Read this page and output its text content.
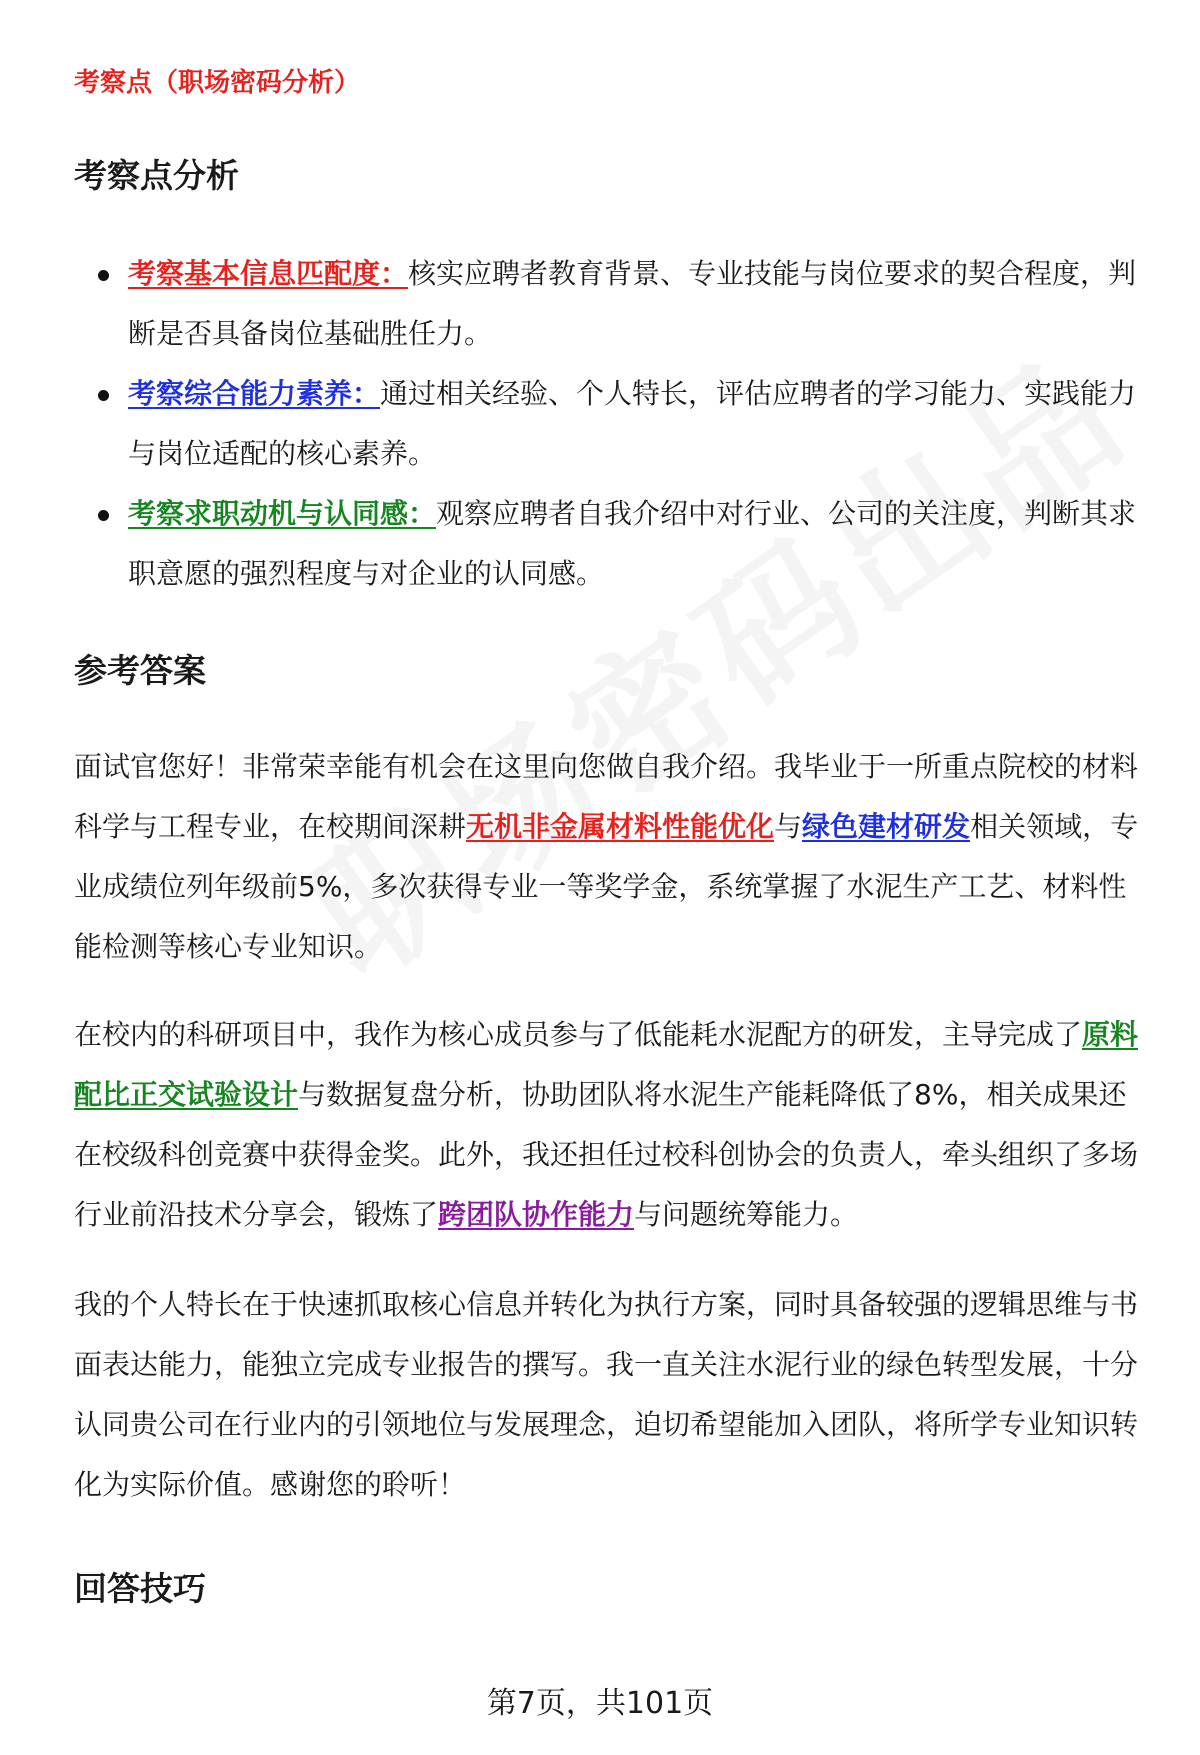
考察点（职场密码分析）
考察点分析
考察基本信息匹配度：核实应聘者教育背景、专业技能与岗位要求的契合程度，判断是否具备岗位基础胜任力。
考察综合能力素养：通过相关经验、个人特长，评估应聘者的学习能力、实践能力与岗位适配的核心素养。
考察求职动机与认同感：观察应聘者自我介绍中对行业、公司的关注度，判断其求职意愿的强烈程度与对企业的认同感。
参考答案

面试官您好！非常荣幸能有机会在这里向您做自我介绍。我毕业于一所重点院校的材料科学与工程专业，在校期间深耕无机非金属材料性能优化与绿色建材研发相关领域，专业成绩位列年级前5%，多次获得专业一等奖学金，系统掌握了水泥生产工艺、材料性能检测等核心专业知识。

在校内的科研项目中，我作为核心成员参与了低能耗水泥配方的研发，主导完成了原料配比正交试验设计与数据复盘分析，协助团队将水泥生产能耗降低了8%，相关成果还在校级科创竞赛中获得金奖。此外，我还担任过校科创协会的负责人，牵头组织了多场行业前沿技术分享会，锻炼了跨团队协作能力与问题统筹能力。

我的个人特长在于快速抓取核心信息并转化为执行方案，同时具备较强的逻辑思维与书面表达能力，能独立完成专业报告的撰写。我一直关注水泥行业的绿色转型发展，十分认同贵公司在行业内的引领地位与发展理念，迫切希望能加入团队，将所学专业知识转化为实际价值。感谢您的聆听！

回答技巧
第7页，共101页
